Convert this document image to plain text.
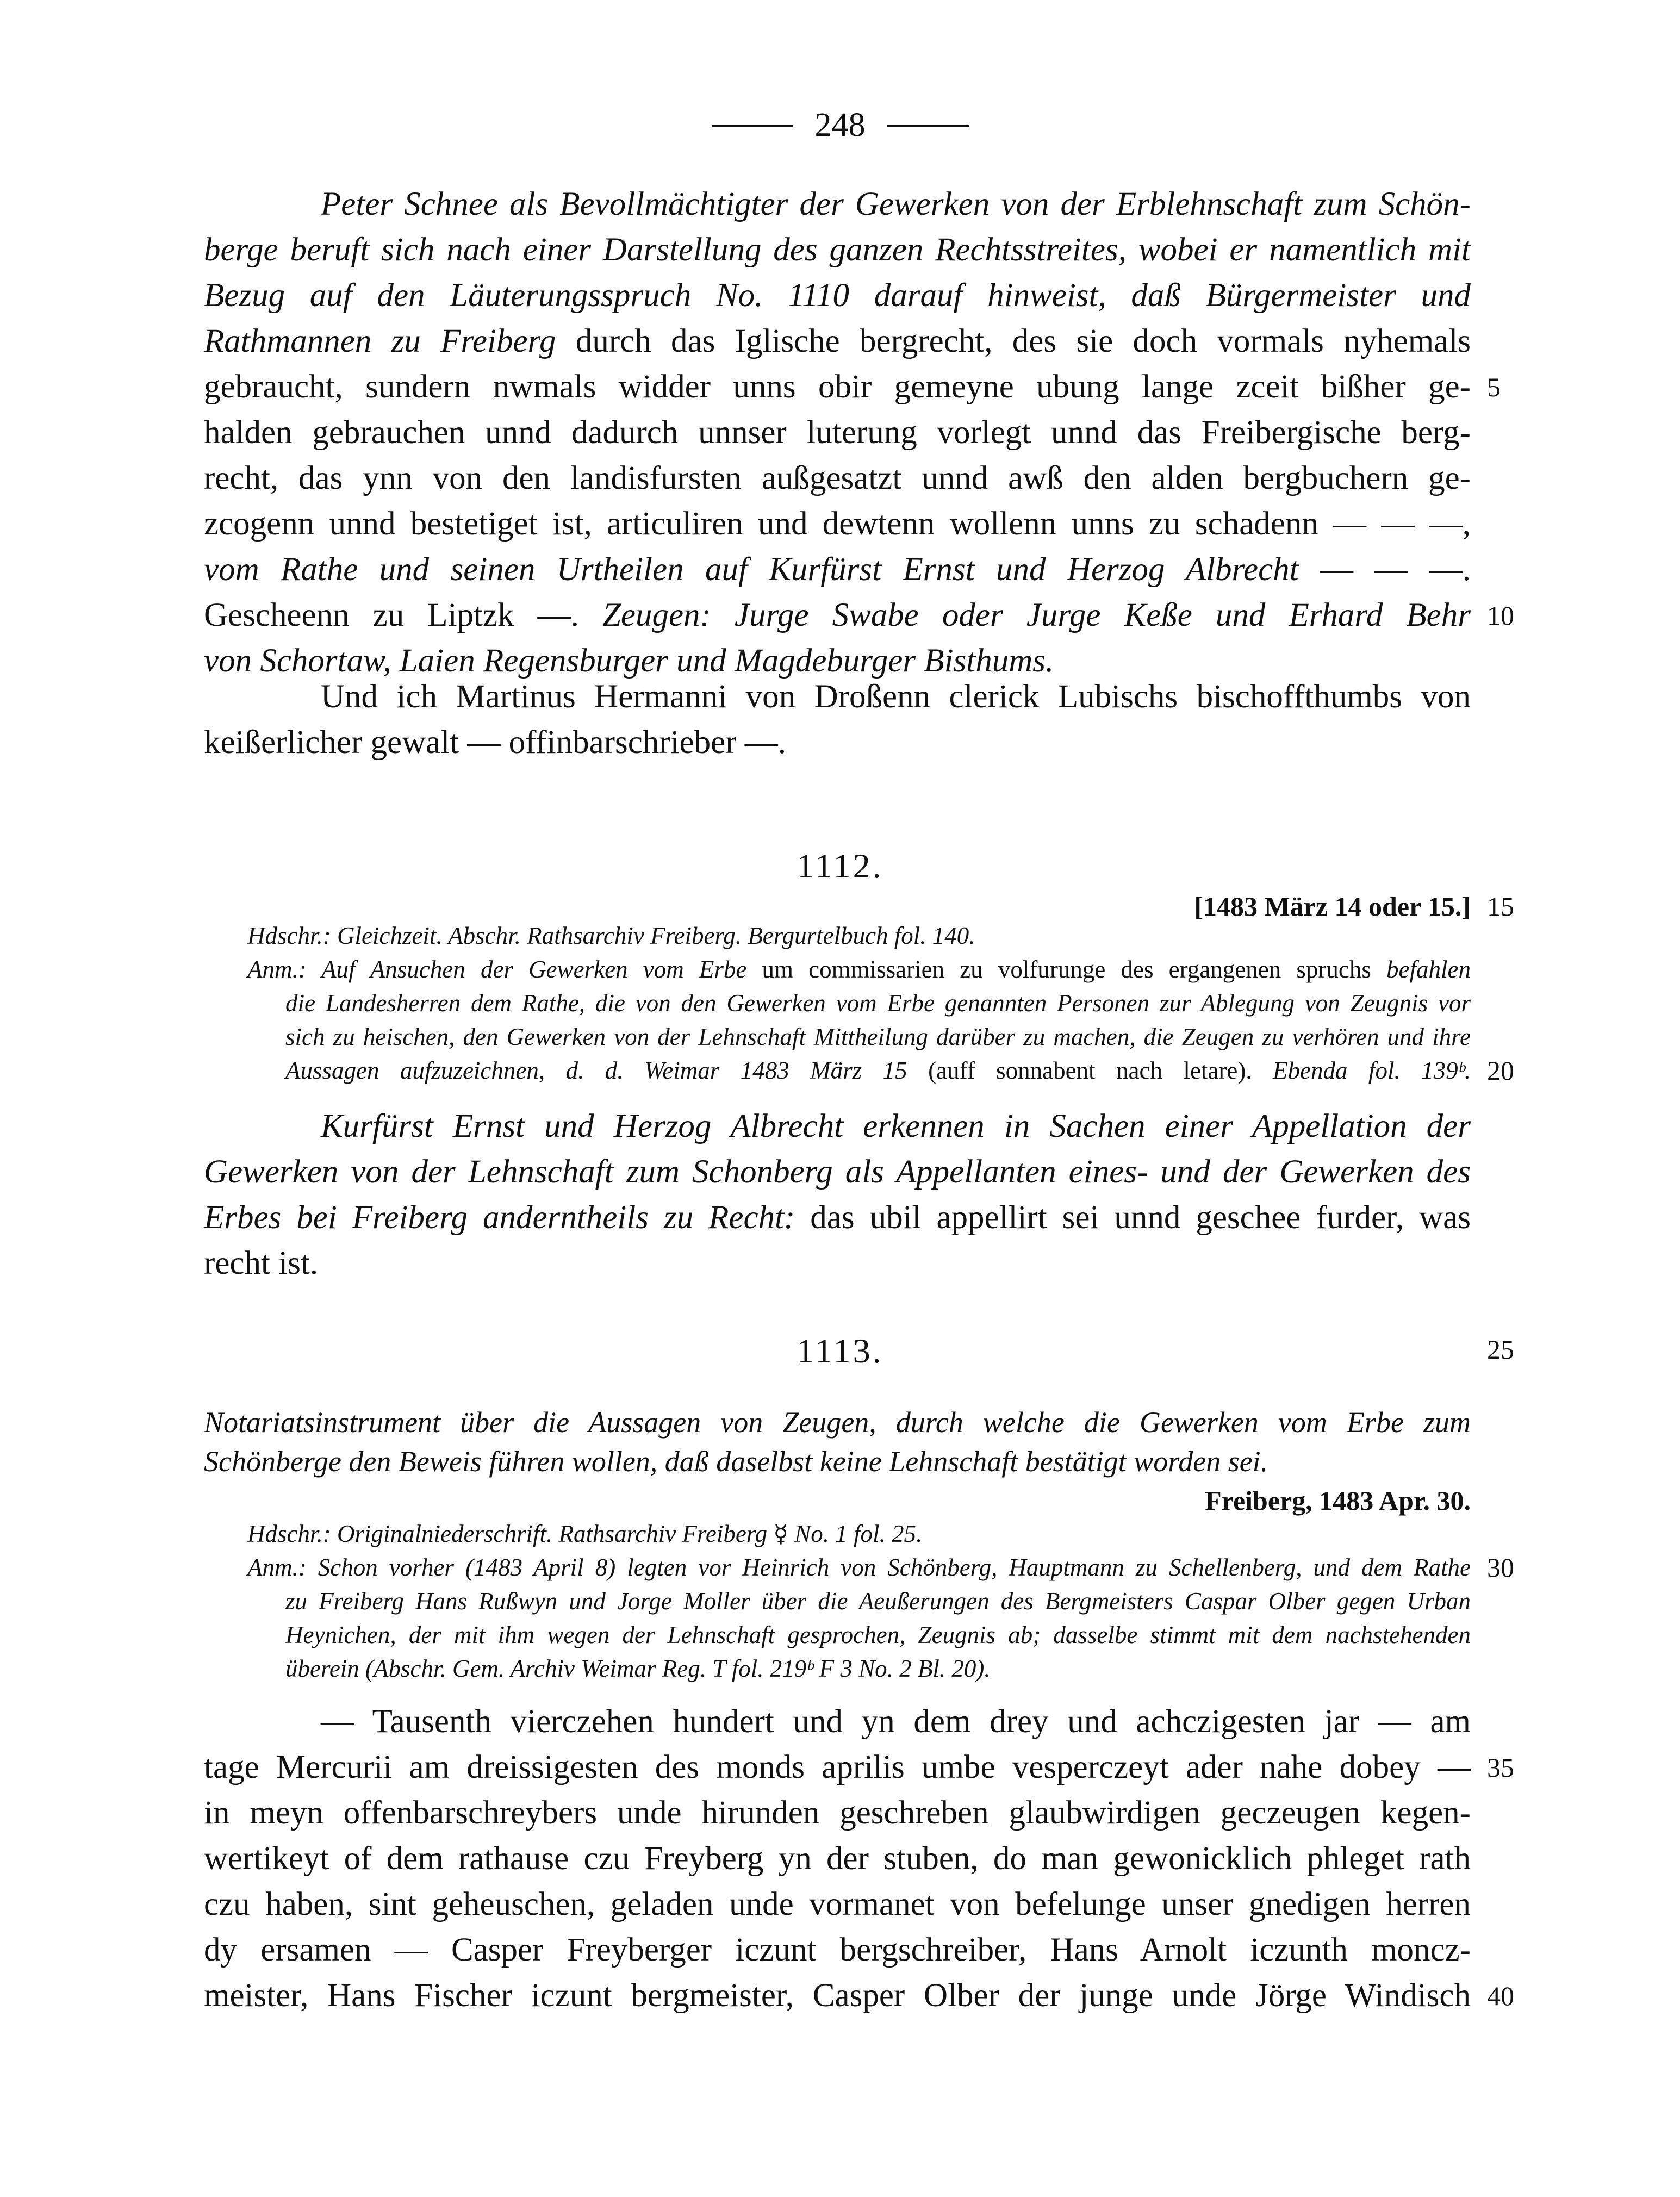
248
Peter Schnee als Bevollmächtigter der Gewerken von der Erblehnschaft zum Schön-
berge beruft sich nach einer Darstellung des ganzen Rechtsstreites, wobei er namentlich mit
Bezug auf den Läuterungsspruch No. 1110 darauf hinweist, daß Bürgermeister und
Rathmannen zu Freiberg durch das Iglische bergrecht, des sie doch vormals nyhemals
gebraucht, sundern nwmals widder unns obir gemeyne ubung lange zceit bißher ge-
halden gebrauchen unnd dadurch unnser luterung vorlegt unnd das Freibergische berg-
recht, das ynn von den landisfursten außgesatzt unnd awß den alden bergbuchern ge-
zcogenn unnd bestetiget ist, articuliren und dewtenn wollenn unns zu schadenn — — —,
vom Rathe und seinen Urtheilen auf Kurfürst Ernst und Herzog Albrecht — — —.
Gescheenn zu Liptzk —. Zeugen: Jurge Swabe oder Jurge Keße und Erhard Behr
von Schortaw, Laien Regensburger und Magdeburger Bisthums.
Und ich Martinus Hermanni von Droßenn clerick Lubischs bischoffthumbs von
keißerlicher gewalt — offinbarschrieber —.
5
10
1112.
[1483 März 14 oder 15.] 15
Hdschr.: Gleichzeit. Abschr. Rathsarchiv Freiberg. Bergurtelbuch fol. 140.
Anm.: Auf Ansuchen der Gewerken vom Erbe um commissarien zu volfurunge des ergangenen spruchs befahlen
die Landesherren dem Rathe, die von den Gewerken vom Erbe genannten Personen zur Ablegung von Zeugnis vor
sich zu heischen, den Gewerken von der Lehnschaft Mittheilung darüber zu machen, die Zeugen zu verhören und ihre
Aussagen aufzuzeichnen, d. d. Weimar 1483 März 15 (auff sonnabent nach letare). Ebenda fol. 139ᵇ. 20
Kurfürst Ernst und Herzog Albrecht erkennen in Sachen einer Appellation der
Gewerken von der Lehnschaft zum Schonberg als Appellanten eines- und der Gewerken des
Erbes bei Freiberg anderntheils zu Recht: das ubil appellirt sei unnd geschee furder, was
recht ist.
1113.	25
Notariatsinstrument über die Aussagen von Zeugen, durch welche die Gewerken vom Erbe zum
Schönberge den Beweis führen wollen, daß daselbst keine Lehnschaft bestätigt worden sei.
Freiberg, 1483 Apr. 30.
Hdschr.: Originalniederschrift. Rathsarchiv Freiberg ☿ No. 1 fol. 25.
Anm.: Schon vorher (1483 April 8) legten vor Heinrich von Schönberg, Hauptmann zu Schellenberg, und dem Rathe 30
zu Freiberg Hans Rußwyn und Jorge Moller über die Aeußerungen des Bergmeisters Caspar Olber gegen Urban
Heynichen, der mit ihm wegen der Lehnschaft gesprochen, Zeugnis ab; dasselbe stimmt mit dem nachstehenden
überein (Abschr. Gem. Archiv Weimar Reg. T fol. 219ᵇ F 3 No. 2 Bl. 20).
— Tausenth vierczehen hundert und yn dem drey und achczigesten jar — am
tage Mercurii am dreissigesten des monds aprilis umbe vesperczeyt ader nahe dobey — 35
in meyn offenbarschreybers unde hirunden geschreben glaubwirdigen geczeugen kegen-
wertikeyt of dem rathause czu Freyberg yn der stuben, do man gewonicklich phleget rath
czu haben, sint geheuschen, geladen unde vormanet von befelunge unser gnedigen herren
dy ersamen — Casper Freyberger iczunt bergschreiber, Hans Arnolt iczunth moncz-
meister, Hans Fischer iczunt bergmeister, Casper Olber der junge unde Jörge Windisch 40
